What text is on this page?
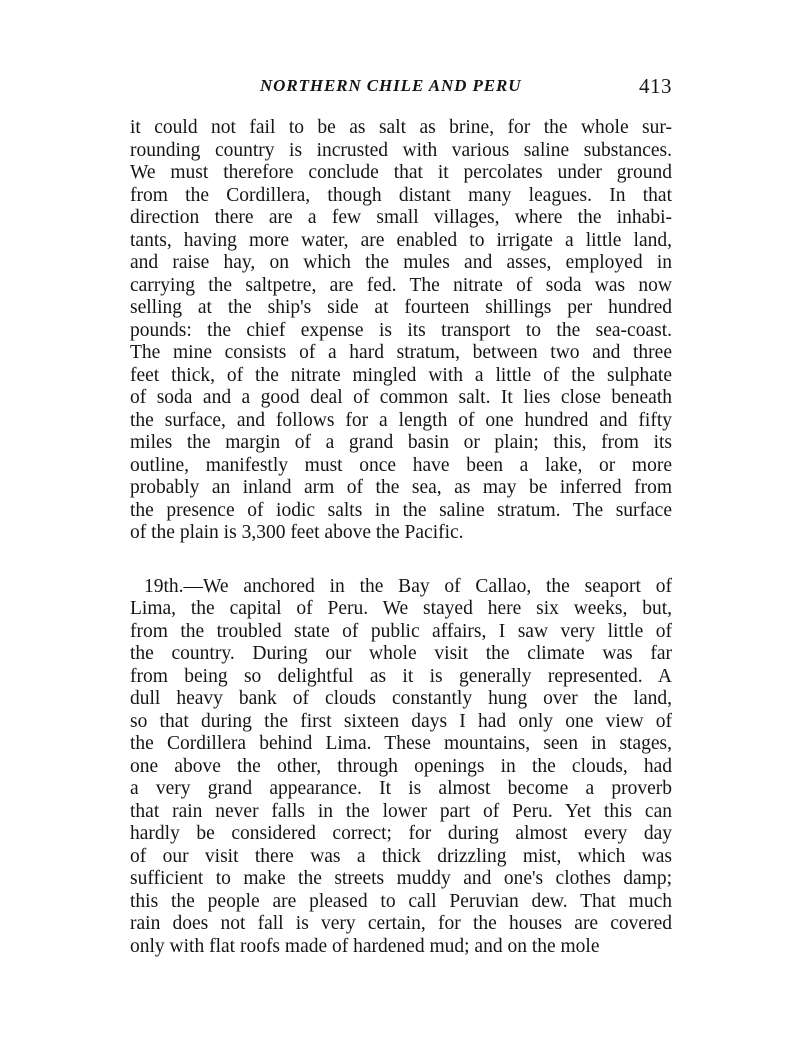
NORTHERN CHILE AND PERU	413
it could not fail to be as salt as brine, for the whole sur-
rounding country is incrusted with various saline substances.
We must therefore conclude that it percolates under ground
from the Cordillera, though distant many leagues. In that
direction there are a few small villages, where the inhabi-
tants, having more water, are enabled to irrigate a little land,
and raise hay, on which the mules and asses, employed in
carrying the saltpetre, are fed. The nitrate of soda was now
selling at the ship's side at fourteen shillings per hundred
pounds: the chief expense is its transport to the sea-coast.
The mine consists of a hard stratum, between two and three
feet thick, of the nitrate mingled with a little of the sulphate
of soda and a good deal of common salt. It lies close beneath
the surface, and follows for a length of one hundred and fifty
miles the margin of a grand basin or plain; this, from its
outline, manifestly must once have been a lake, or more
probably an inland arm of the sea, as may be inferred from
the presence of iodic salts in the saline stratum. The surface
of the plain is 3,300 feet above the Pacific.
19th.—We anchored in the Bay of Callao, the seaport of
Lima, the capital of Peru. We stayed here six weeks, but,
from the troubled state of public affairs, I saw very little of
the country. During our whole visit the climate was far
from being so delightful as it is generally represented. A
dull heavy bank of clouds constantly hung over the land,
so that during the first sixteen days I had only one view of
the Cordillera behind Lima. These mountains, seen in stages,
one above the other, through openings in the clouds, had
a very grand appearance. It is almost become a proverb
that rain never falls in the lower part of Peru. Yet this can
hardly be considered correct; for during almost every day
of our visit there was a thick drizzling mist, which was
sufficient to make the streets muddy and one's clothes damp;
this the people are pleased to call Peruvian dew. That much
rain does not fall is very certain, for the houses are covered
only with flat roofs made of hardened mud; and on the mole
